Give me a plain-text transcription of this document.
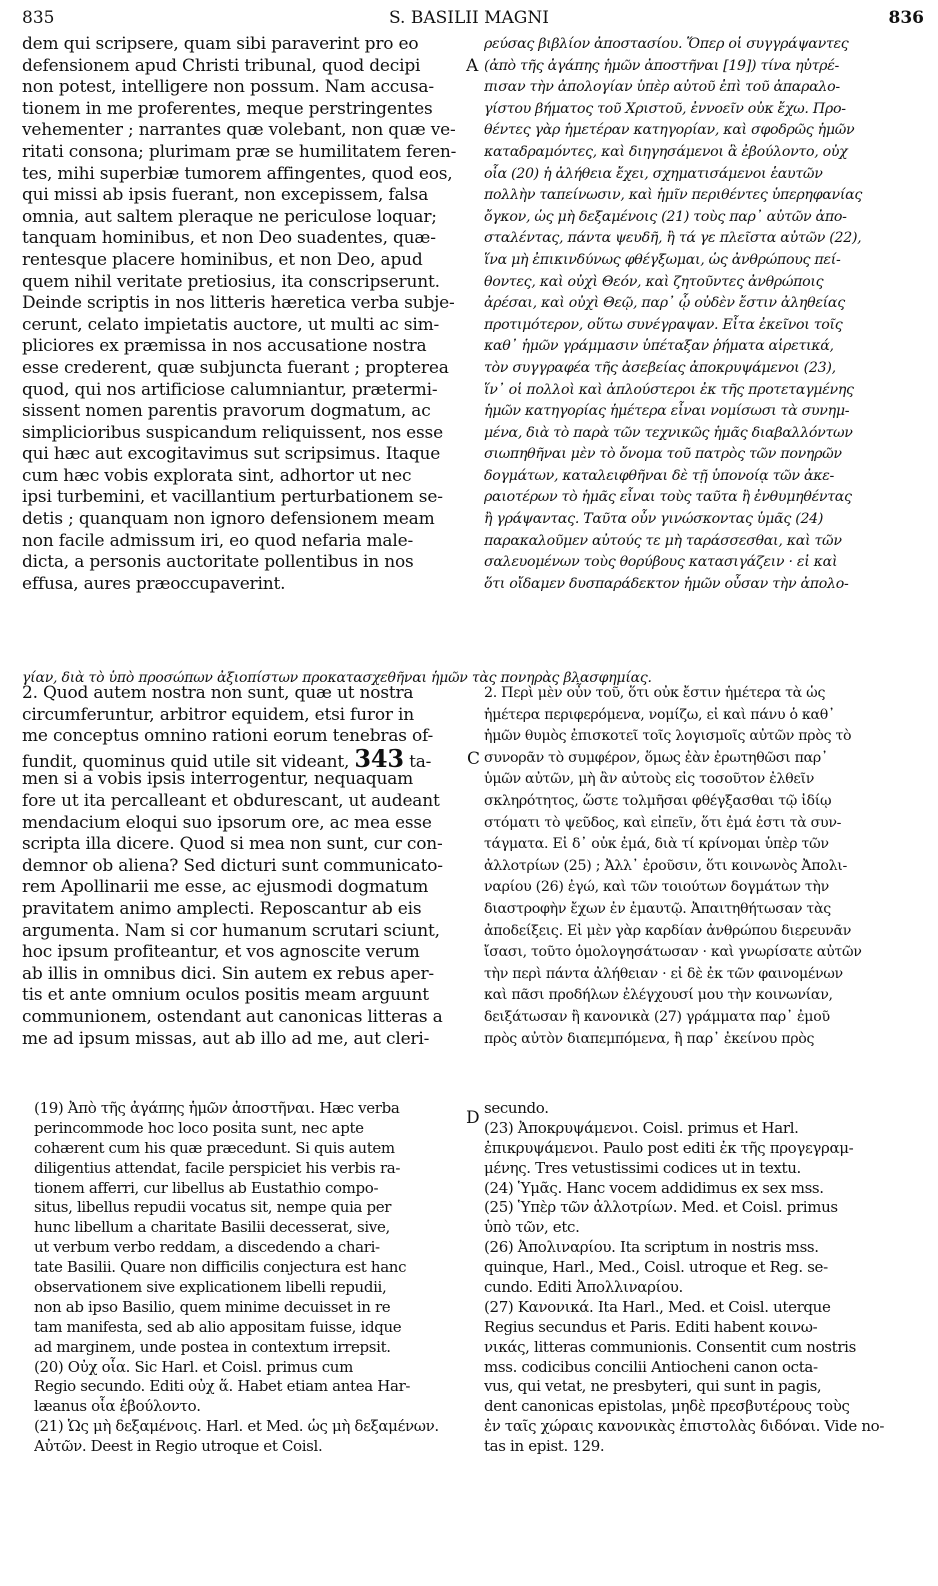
835	S. BASILII MAGNI	836
A
C
D
dem qui scripsere, quam sibi paraverint pro eo
defensionem apud Christi tribunal, quod decipi
non potest, intelligere non possum. Nam accusa-
tionem in me proferentes, meque perstringentes
vehementer ; narrantes quæ volebant, non quæ ve-
ritati consona; plurimam præ se humilitatem feren-
tes, mihi superbiæ tumorem affingentes, quod eos,
qui missi ab ipsis fuerant, non excepissem, falsa
omnia, aut saltem pleraque ne periculose loquar;
tanquam hominibus, et non Deo suadentes, quæ-
rentesque placere hominibus, et non Deo, apud
quem nihil veritate pretiosius, ita conscripserunt.
Deinde scriptis in nos litteris hæretica verba subje-
cerunt, celato impietatis auctore, ut multi ac sim-
pliciores ex præmissa in nos accusatione nostra
esse crederent, quæ subjuncta fuerant ; propterea
quod, qui nos artificiose calumniantur, prætermi-
sissent nomen parentis pravorum dogmatum, ac
simplicioribus suspicandum reliquissent, nos esse
qui hæc aut excogitavimus sut scripsimus. Itaque
cum hæc vobis explorata sint, adhortor ut nec
ipsi turbemini, et vacillantium perturbationem se-
detis ; quanquam non ignoro defensionem meam
non facile admissum iri, eo quod nefaria male-
dicta, a personis auctoritate pollentibus in nos
effusa, aures præoccupaverint.
ρεύσας βιβλίον ἀποστασίου. Ὅπερ οἱ συγγράψαντες
(ἀπὸ τῆς ἀγάπης ἡμῶν ἀποστῆναι [19]) τίνα ηὐτρέ-
πισαν τὴν ἀπολογίαν ὑπὲρ αὐτοῦ ἐπὶ τοῦ ἀπαραλο-
γίστου βήματος τοῦ Χριστοῦ, ἐννοεῖν οὐκ ἔχω. Προ-
θέντες γὰρ ἡμετέραν κατηγορίαν, καὶ σφοδρῶς ἡμῶν
καταδραμόντες, καὶ διηγησάμενοι ἃ ἐβούλοντο, οὐχ
οἷα (20) ἡ ἀλήθεια ἔχει, σχηματισάμενοι ἑαυτῶν
πολλὴν ταπείνωσιν, καὶ ἡμῖν περιθέντες ὑπερηφανίας
ὄγκον, ὡς μὴ δεξαμένοις (21) τοὺς παρ᾽ αὐτῶν ἀπο-
σταλέντας, πάντα ψευδῆ, ἢ τά γε πλεῖστα αὐτῶν (22),
ἵνα μὴ ἐπικινδύνως φθέγξωμαι, ὡς ἀνθρώπους πεί-
θοντες, καὶ οὐχὶ Θεόν, καὶ ζητοῦντες ἀνθρώποις
ἀρέσαι, καὶ οὐχὶ Θεῷ, παρ᾽ ᾧ οὐδὲν ἔστιν ἀληθείας
προτιμότερον, οὕτω συνέγραψαν. Εἶτα ἐκεῖνοι τοῖς
καθ᾽ ἡμῶν γράμμασιν ὑπέταξαν ῥήματα αἱρετικά,
τὸν συγγραφέα τῆς ἀσεβείας ἀποκρυψάμενοι (23),
ἵν᾽ οἱ πολλοὶ καὶ ἁπλούστεροι ἐκ τῆς προτεταγμένης
ἡμῶν κατηγορίας ἡμέτερα εἶναι νομίσωσι τὰ συνημ-
μένα, διὰ τὸ παρὰ τῶν τεχνικῶς ἡμᾶς διαβαλλόντων
σιωπηθῆναι μὲν τὸ ὄνομα τοῦ πατρὸς τῶν πονηρῶν
δογμάτων, καταλειφθῆναι δὲ τῇ ὑπονοίᾳ τῶν ἀκε-
ραιοτέρων τὸ ἡμᾶς εἶναι τοὺς ταῦτα ἢ ἐνθυμηθέντας
ἢ γράψαντας. Ταῦτα οὖν γινώσκοντας ὑμᾶς (24)
παρακαλοῦμεν αὐτούς τε μὴ ταράσσεσθαι, καὶ τῶν
σαλευομένων τοὺς θορύβους κατασιγάζειν · εἰ καὶ
ὅτι οἴδαμεν δυσπαράδεκτον ἡμῶν οὖσαν τὴν ἀπολο-
γίαν, διὰ τὸ ὑπὸ προσώπων ἀξιοπίστων προκατασχεθῆναι ἡμῶν τὰς πονηρὰς βλασφημίας.
2. Quod autem nostra non sunt, quæ ut nostra
circumferuntur, arbitror equidem, etsi furor in
me conceptus omnino rationi eorum tenebras of-
fundit, quominus quid utile sit videant, 343 ta-
men si a vobis ipsis interrogentur, nequaquam
fore ut ita percalleant et obdurescant, ut audeant
mendacium eloqui suo ipsorum ore, ac mea esse
scripta illa dicere. Quod si mea non sunt, cur con-
demnor ob aliena? Sed dicturi sunt communicato-
rem Apollinarii me esse, ac ejusmodi dogmatum
pravitatem animo amplecti. Reposcantur ab eis
argumenta. Nam si cor humanum scrutari sciunt,
hoc ipsum profiteantur, et vos agnoscite verum
ab illis in omnibus dici. Sin autem ex rebus aper-
tis et ante omnium oculos positis meam arguunt
communionem, ostendant aut canonicas litteras a
me ad ipsum missas, aut ab illo ad me, aut cleri-
2. Περὶ μὲν οὖν τοῦ, ὅτι οὐκ ἔστιν ἡμέτερα τὰ ὡς
ἡμέτερα περιφερόμενα, νομίζω, εἰ καὶ πάνυ ὁ καθ᾽
ἡμῶν θυμὸς ἐπισκοτεῖ τοῖς λογισμοῖς αὐτῶν πρὸς τὸ
συνορᾶν τὸ συμφέρον, ὅμως ἐὰν ἐρωτηθῶσι παρ᾽
ὑμῶν αὐτῶν, μὴ ἂν αὐτοὺς εἰς τοσοῦτον ἐλθεῖν
σκληρότητος, ὥστε τολμῆσαι φθέγξασθαι τῷ ἰδίῳ
στόματι τὸ ψεῦδος, καὶ εἰπεῖν, ὅτι ἐμά ἐστι τὰ συν-
τάγματα. Εἰ δ᾽ οὐκ ἐμά, διὰ τί κρίνομαι ὑπὲρ τῶν
ἀλλοτρίων (25) ; Ἀλλ᾽ ἐροῦσιν, ὅτι κοινωνὸς Ἀπολι-
ναρίου (26) ἐγώ, καὶ τῶν τοιούτων δογμάτων τὴν
διαστροφὴν ἔχων ἐν ἐμαυτῷ. Ἀπαιτηθήτωσαν τὰς
ἀποδείξεις. Εἰ μὲν γὰρ καρδίαν ἀνθρώπου διερευνᾶν
ἴσασι, τοῦτο ὁμολογησάτωσαν · καὶ γνωρίσατε αὐτῶν
τὴν περὶ πάντα ἀλήθειαν · εἰ δὲ ἐκ τῶν φαινομένων
καὶ πᾶσι προδήλων ἐλέγχουσί μου τὴν κοινωνίαν,
δειξάτωσαν ἢ κανονικὰ (27) γράμματα παρ᾽ ἐμοῦ
πρὸς αὐτὸν διαπεμπόμενα, ἢ παρ᾽ ἐκείνου πρὸς
(19) Ἀπὸ τῆς ἀγάπης ἡμῶν ἀποστῆναι. Hæc verba
perincommode hoc loco posita sunt, nec apte
cohærent cum his quæ præcedunt. Si quis autem
diligentius attendat, facile perspiciet his verbis ra-
tionem afferri, cur libellus ab Eustathio compo-
situs, libellus repudii vocatus sit, nempe quia per
hunc libellum a charitate Basilii decesserat, sive,
ut verbum verbo reddam, a discedendo a chari-
tate Basilii. Quare non difficilis conjectura est hanc
observationem sive explicationem libelli repudii,
non ab ipso Basilio, quem minime decuisset in re
tam manifesta, sed ab alio appositam fuisse, idque
ad marginem, unde postea in contextum irrepsit.
(20) Οὐχ οἷα. Sic Harl. et Coisl. primus cum
Regio secundo. Editi οὐχ ἅ. Habet etiam antea Har-
læanus οἷα ἐβούλοντο.
(21) Ὡς μὴ δεξαμένοις. Harl. et Med. ὡς μὴ δεξαμένων.
Αὐτῶν. Deest in Regio utroque et Coisl.
secundo.
(23) Ἀποκρυψάμενοι. Coisl. primus et Harl.
ἐπικρυψάμενοι. Paulo post editi ἐκ τῆς προγεγραμ-
μένης. Tres vetustissimi codices ut in textu.
(24) Ὑμᾶς. Hanc vocem addidimus ex sex mss.
(25) Ὑπὲρ τῶν ἀλλοτρίων. Med. et Coisl. primus
ὑπὸ τῶν, etc.
(26) Ἀπολιναρίου. Ita scriptum in nostris mss.
quinque, Harl., Med., Coisl. utroque et Reg. se-
cundo. Editi Ἀπολλιναρίου.
(27) Κανονικά. Ita Harl., Med. et Coisl. uterque
Regius secundus et Paris. Editi habent κοινω-
νικάς, litteras communionis. Consentit cum nostris
mss. codicibus concilii Antiocheni canon octa-
vus, qui vetat, ne presbyteri, qui sunt in pagis,
dent canonicas epistolas, μηδὲ πρεσβυτέρους τοὺς
ἐν ταῖς χώραις κανονικὰς ἐπιστολὰς διδόναι. Vide no-
tas in epist. 129.
